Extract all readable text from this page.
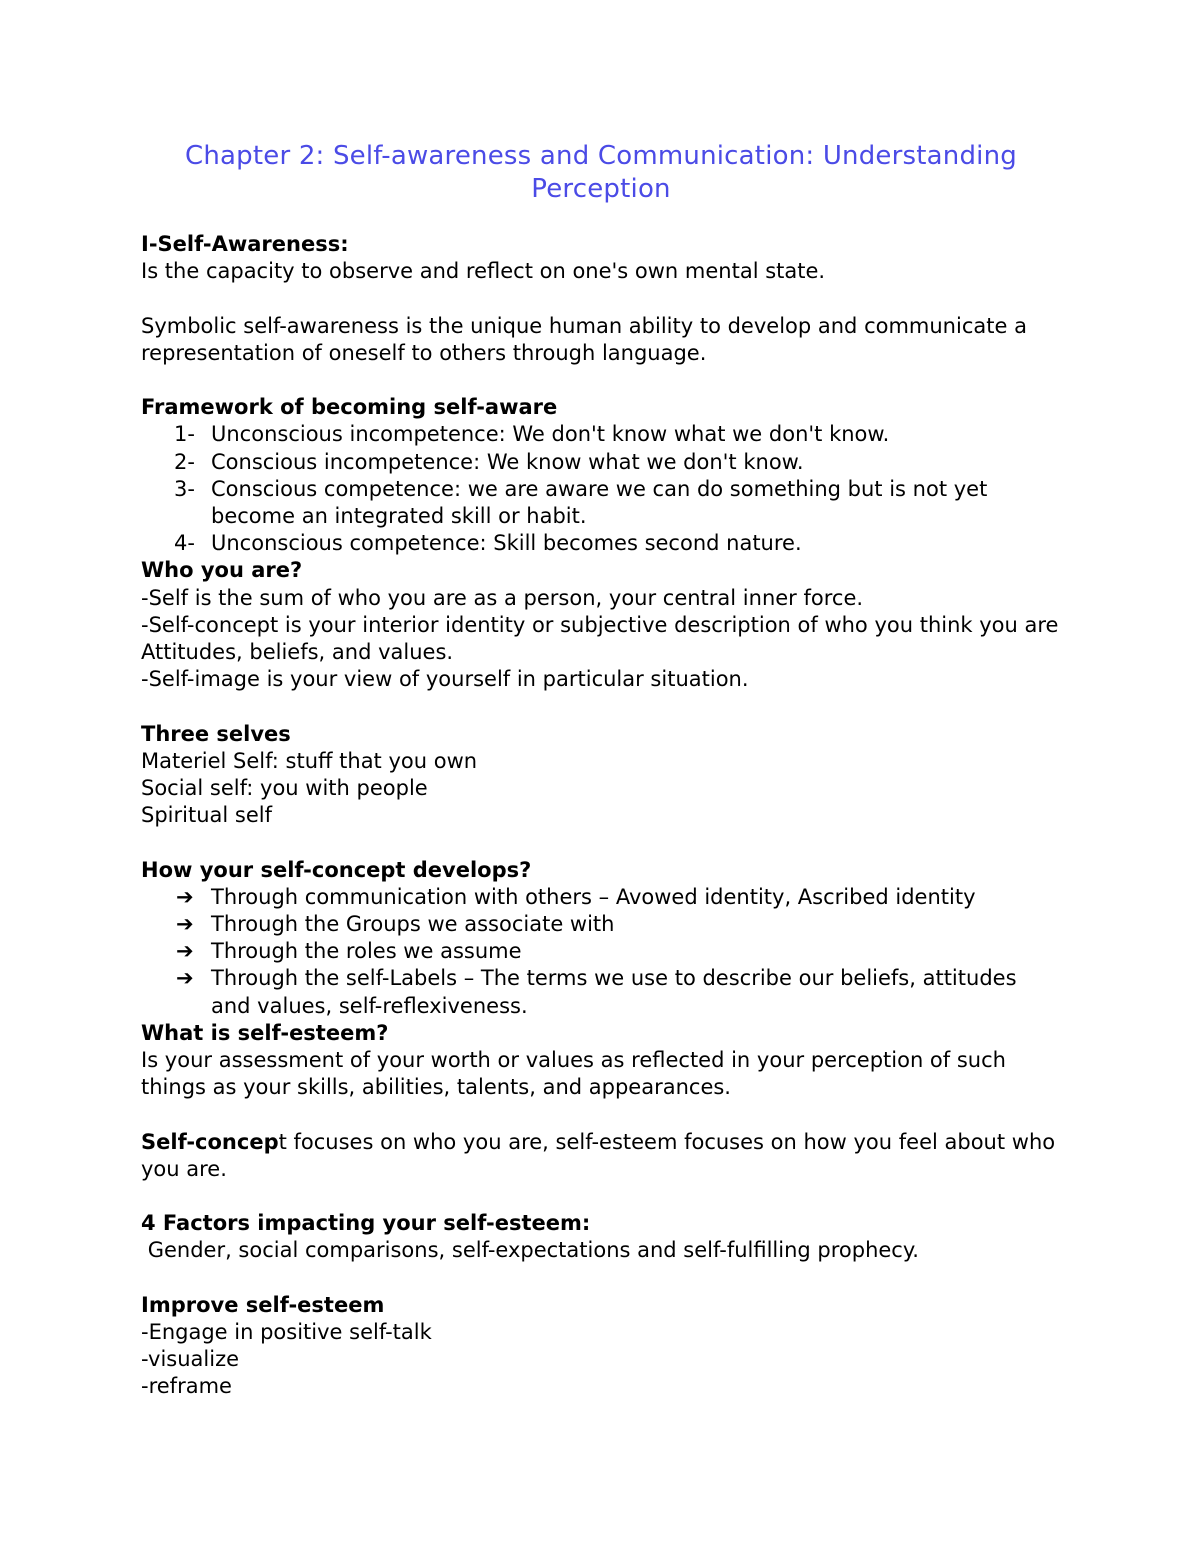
Chapter 2: Self-awareness and Communication: Understanding Perception

I-Self-Awareness:

Is the capacity to observe and reflect on one's own mental state.

Symbolic self-awareness is the unique human ability to develop and communicate a representation of oneself to others through language.

Framework of becoming self-aware

1- Unconscious incompetence: We don't know what we don't know.
2- Conscious incompetence: We know what we don't know.
3- Conscious competence: we are aware we can do something but is not yet become an integrated skill or habit.
4- Unconscious competence: Skill becomes second nature.

Who you are?

-Self is the sum of who you are as a person, your central inner force.

-Self-concept is your interior identity or subjective description of who you think you are Attitudes, beliefs, and values.

-Self-image is your view of yourself in particular situation.

Three selves

Materiel Self: stuff that you own

Social self: you with people

Spiritual self

How your self-concept develops?

➔ Through communication with others – Avowed identity, Ascribed identity
➔ Through the Groups we associate with
➔ Through the roles we assume
➔ Through the self-Labels – The terms we use to describe our beliefs, attitudes and values, self-reflexiveness.

What is self-esteem?

Is your assessment of your worth or values as reflected in your perception of such things as your skills, abilities, talents, and appearances.

Self-concept focuses on who you are, self-esteem focuses on how you feel about who you are.

4 Factors impacting your self-esteem:

Gender, social comparisons, self-expectations and self-fulfilling prophecy.

Improve self-esteem

-Engage in positive self-talk

-visualize

-reframe
